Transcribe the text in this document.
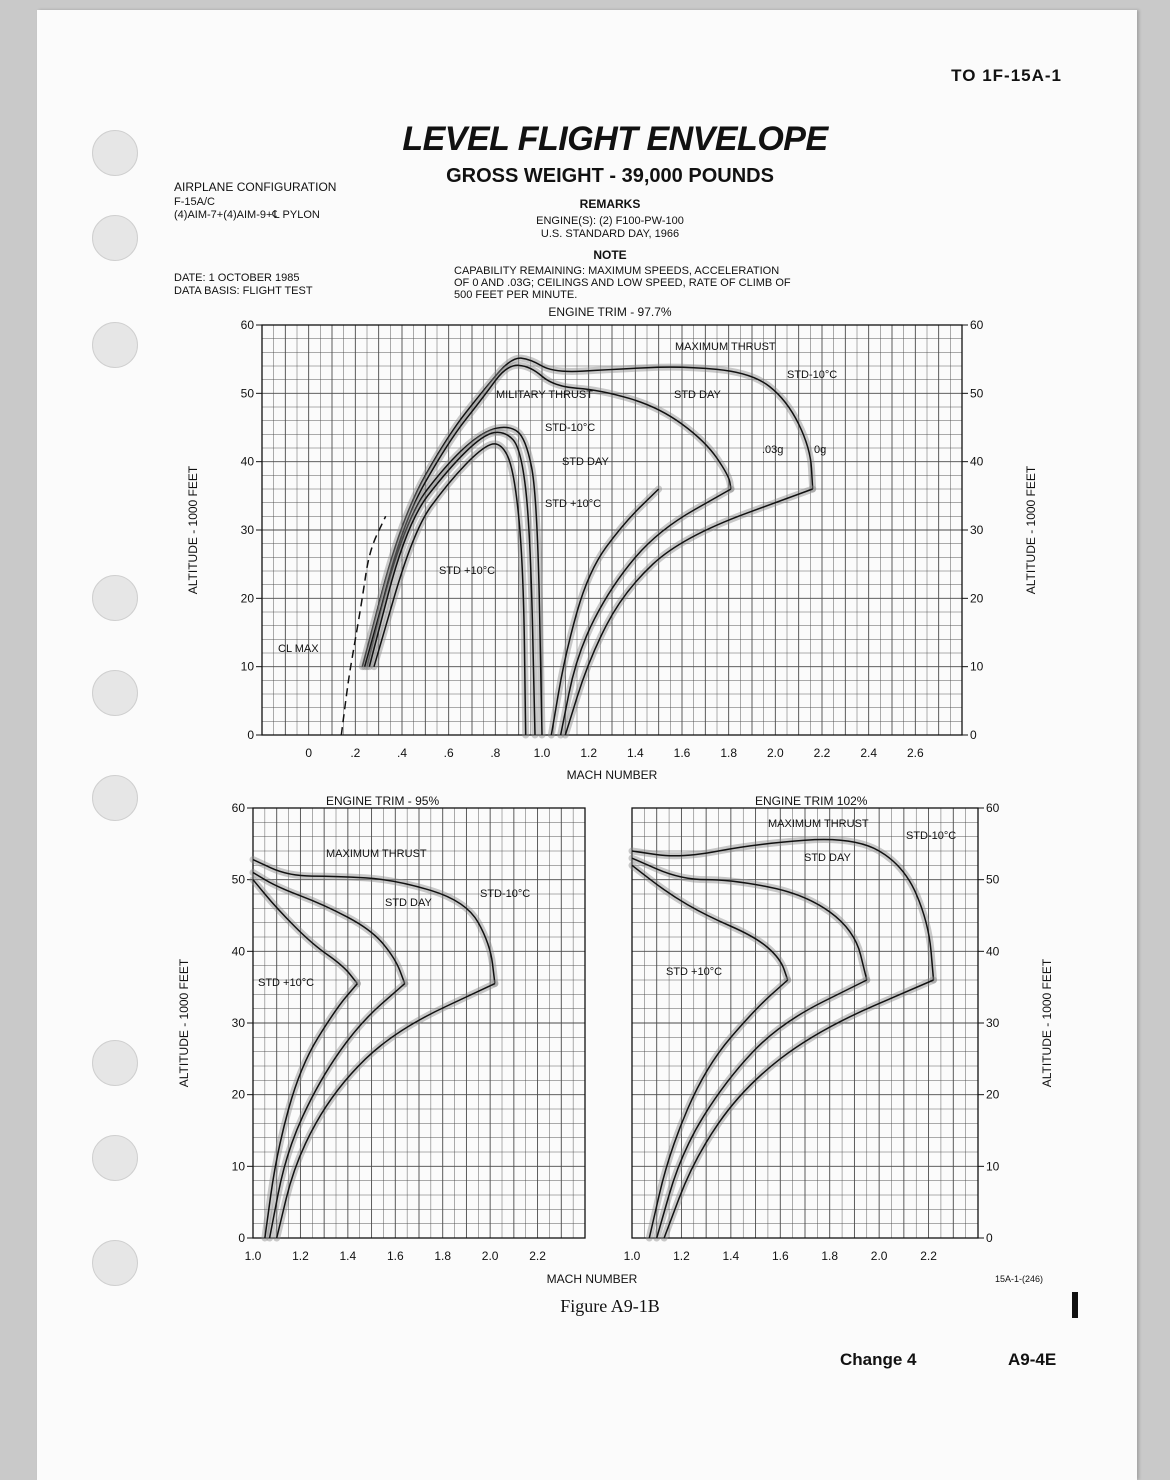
TO 1F-15A-1
LEVEL FLIGHT ENVELOPE
GROSS WEIGHT - 39,000 POUNDS
AIRPLANE CONFIGURATION
F-15A/C
(4)AIM-7+(4)AIM-9+℄ PYLON
DATE: 1 OCTOBER 1985
DATA BASIS: FLIGHT TEST
REMARKS
ENGINE(S): (2) F100-PW-100
U.S. STANDARD DAY, 1966
NOTE
CAPABILITY REMAINING: MAXIMUM SPEEDS, ACCELERATION OF 0 AND .03G; CEILINGS AND LOW SPEED, RATE OF CLIMB OF 500 FEET PER MINUTE.
0	0
10	10
20	20
30	30
40	40
50	50
60	60
0	.2	.4	.6	.8	1.0 1.2 1.4 1.6 1.8 2.0 2.2 2.4 2.6
ENGINE TRIM - 97.7%
MACH NUMBER
ALTITUDE - 1000 FEET	ALTITUDE - 1000 FEET
0
10
20
30
40
50
60
1.0	1.2	1.4	1.6	1.8	2.0	2.2
ENGINE TRIM - 95%
MACH NUMBER
ALTITUDE - 1000 FEET
0
10
20
30
40
50
60
1.0	1.2	1.4	1.6	1.8	2.0	2.2
ENGINE TRIM 102%
ALTITUDE - 1000 FEET
MAXIMUM THRUST
MILITARY THRUST
STD-10°C
STD DAY
STD +10°C
STD-10°C
STD DAY
STD +10°C
.03g	0g
CL MAX
MAXIMUM THRUST
STD-10°C
STD DAY
STD +10°C
MAXIMUM THRUST
STD-10°C
STD DAY
STD +10°C
15A-1-(246)
Figure A9-1B
Change 4	A9-4E
